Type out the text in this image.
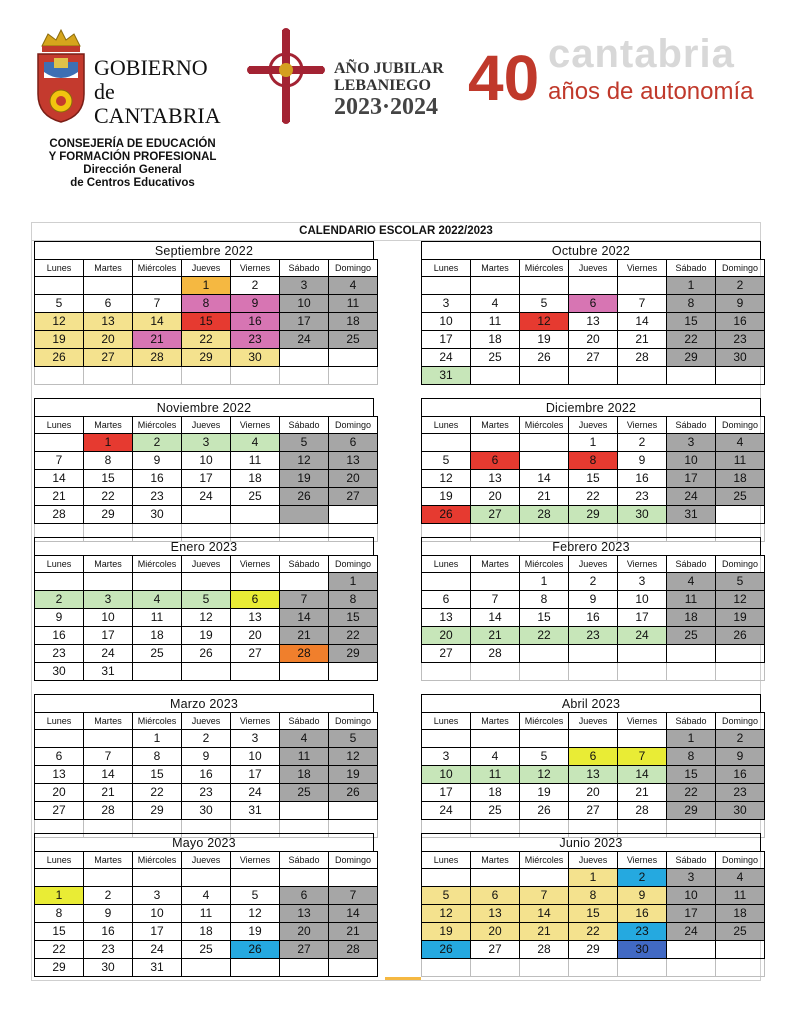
GOBIERNO
de
CANTABRIA
CONSEJERÍA DE EDUCACIÓN
Y FORMACIÓN PROFESIONAL
Dirección General
de Centros Educativos
AÑO JUBILAR
LEBANIEGO
2023·2024 40 cantabria
años de autonomía
CALENDARIO ESCOLAR 2022/2023
Septiembre 2022
Lunes	Martes	Miércoles	Jueves	Viernes	Sábado	Domingo
			1	2	3	4
5	6	7	8	9	10	11
12	13	14	15	16	17	18
19	20	21	22	23	24	25
26	27	28	29	30		

Octubre 2022
Lunes	Martes	Miércoles	Jueves	Viernes	Sábado	Domingo
					1	2
3	4	5	6	7	8	9
10	11	12	13	14	15	16
17	18	19	20	21	22	23
24	25	26	27	28	29	30
31						
Noviembre 2022
Lunes	Martes	Miércoles	Jueves	Viernes	Sábado	Domingo
	1	2	3	4	5	6
7	8	9	10	11	12	13
14	15	16	17	18	19	20
21	22	23	24	25	26	27
28	29	30				

Diciembre 2022
Lunes	Martes	Miércoles	Jueves	Viernes	Sábado	Domingo
			1	2	3	4
5	6		8	9	10	11
12	13	14	15	16	17	18
19	20	21	22	23	24	25
26	27	28	29	30	31	

Enero 2023
Lunes	Martes	Miércoles	Jueves	Viernes	Sábado	Domingo
						1
2	3	4	5	6	7	8
9	10	11	12	13	14	15
16	17	18	19	20	21	22
23	24	25	26	27	28	29
30	31					
Febrero 2023
Lunes	Martes	Miércoles	Jueves	Viernes	Sábado	Domingo
		1	2	3	4	5
6	7	8	9	10	11	12
13	14	15	16	17	18	19
20	21	22	23	24	25	26
27	28					

Marzo 2023
Lunes	Martes	Miércoles	Jueves	Viernes	Sábado	Domingo
		1	2	3	4	5
6	7	8	9	10	11	12
13	14	15	16	17	18	19
20	21	22	23	24	25	26
27	28	29	30	31		

Abril 2023
Lunes	Martes	Miércoles	Jueves	Viernes	Sábado	Domingo
					1	2
3	4	5	6	7	8	9
10	11	12	13	14	15	16
17	18	19	20	21	22	23
24	25	26	27	28	29	30

Mayo 2023
Lunes	Martes	Miércoles	Jueves	Viernes	Sábado	Domingo

1	2	3	4	5	6	7
8	9	10	11	12	13	14
15	16	17	18	19	20	21
22	23	24	25	26	27	28
29	30	31				
Junio 2023
Lunes	Martes	Miércoles	Jueves	Viernes	Sábado	Domingo
			1	2	3	4
5	6	7	8	9	10	11
12	13	14	15	16	17	18
19	20	21	22	23	24	25
26	27	28	29	30		
